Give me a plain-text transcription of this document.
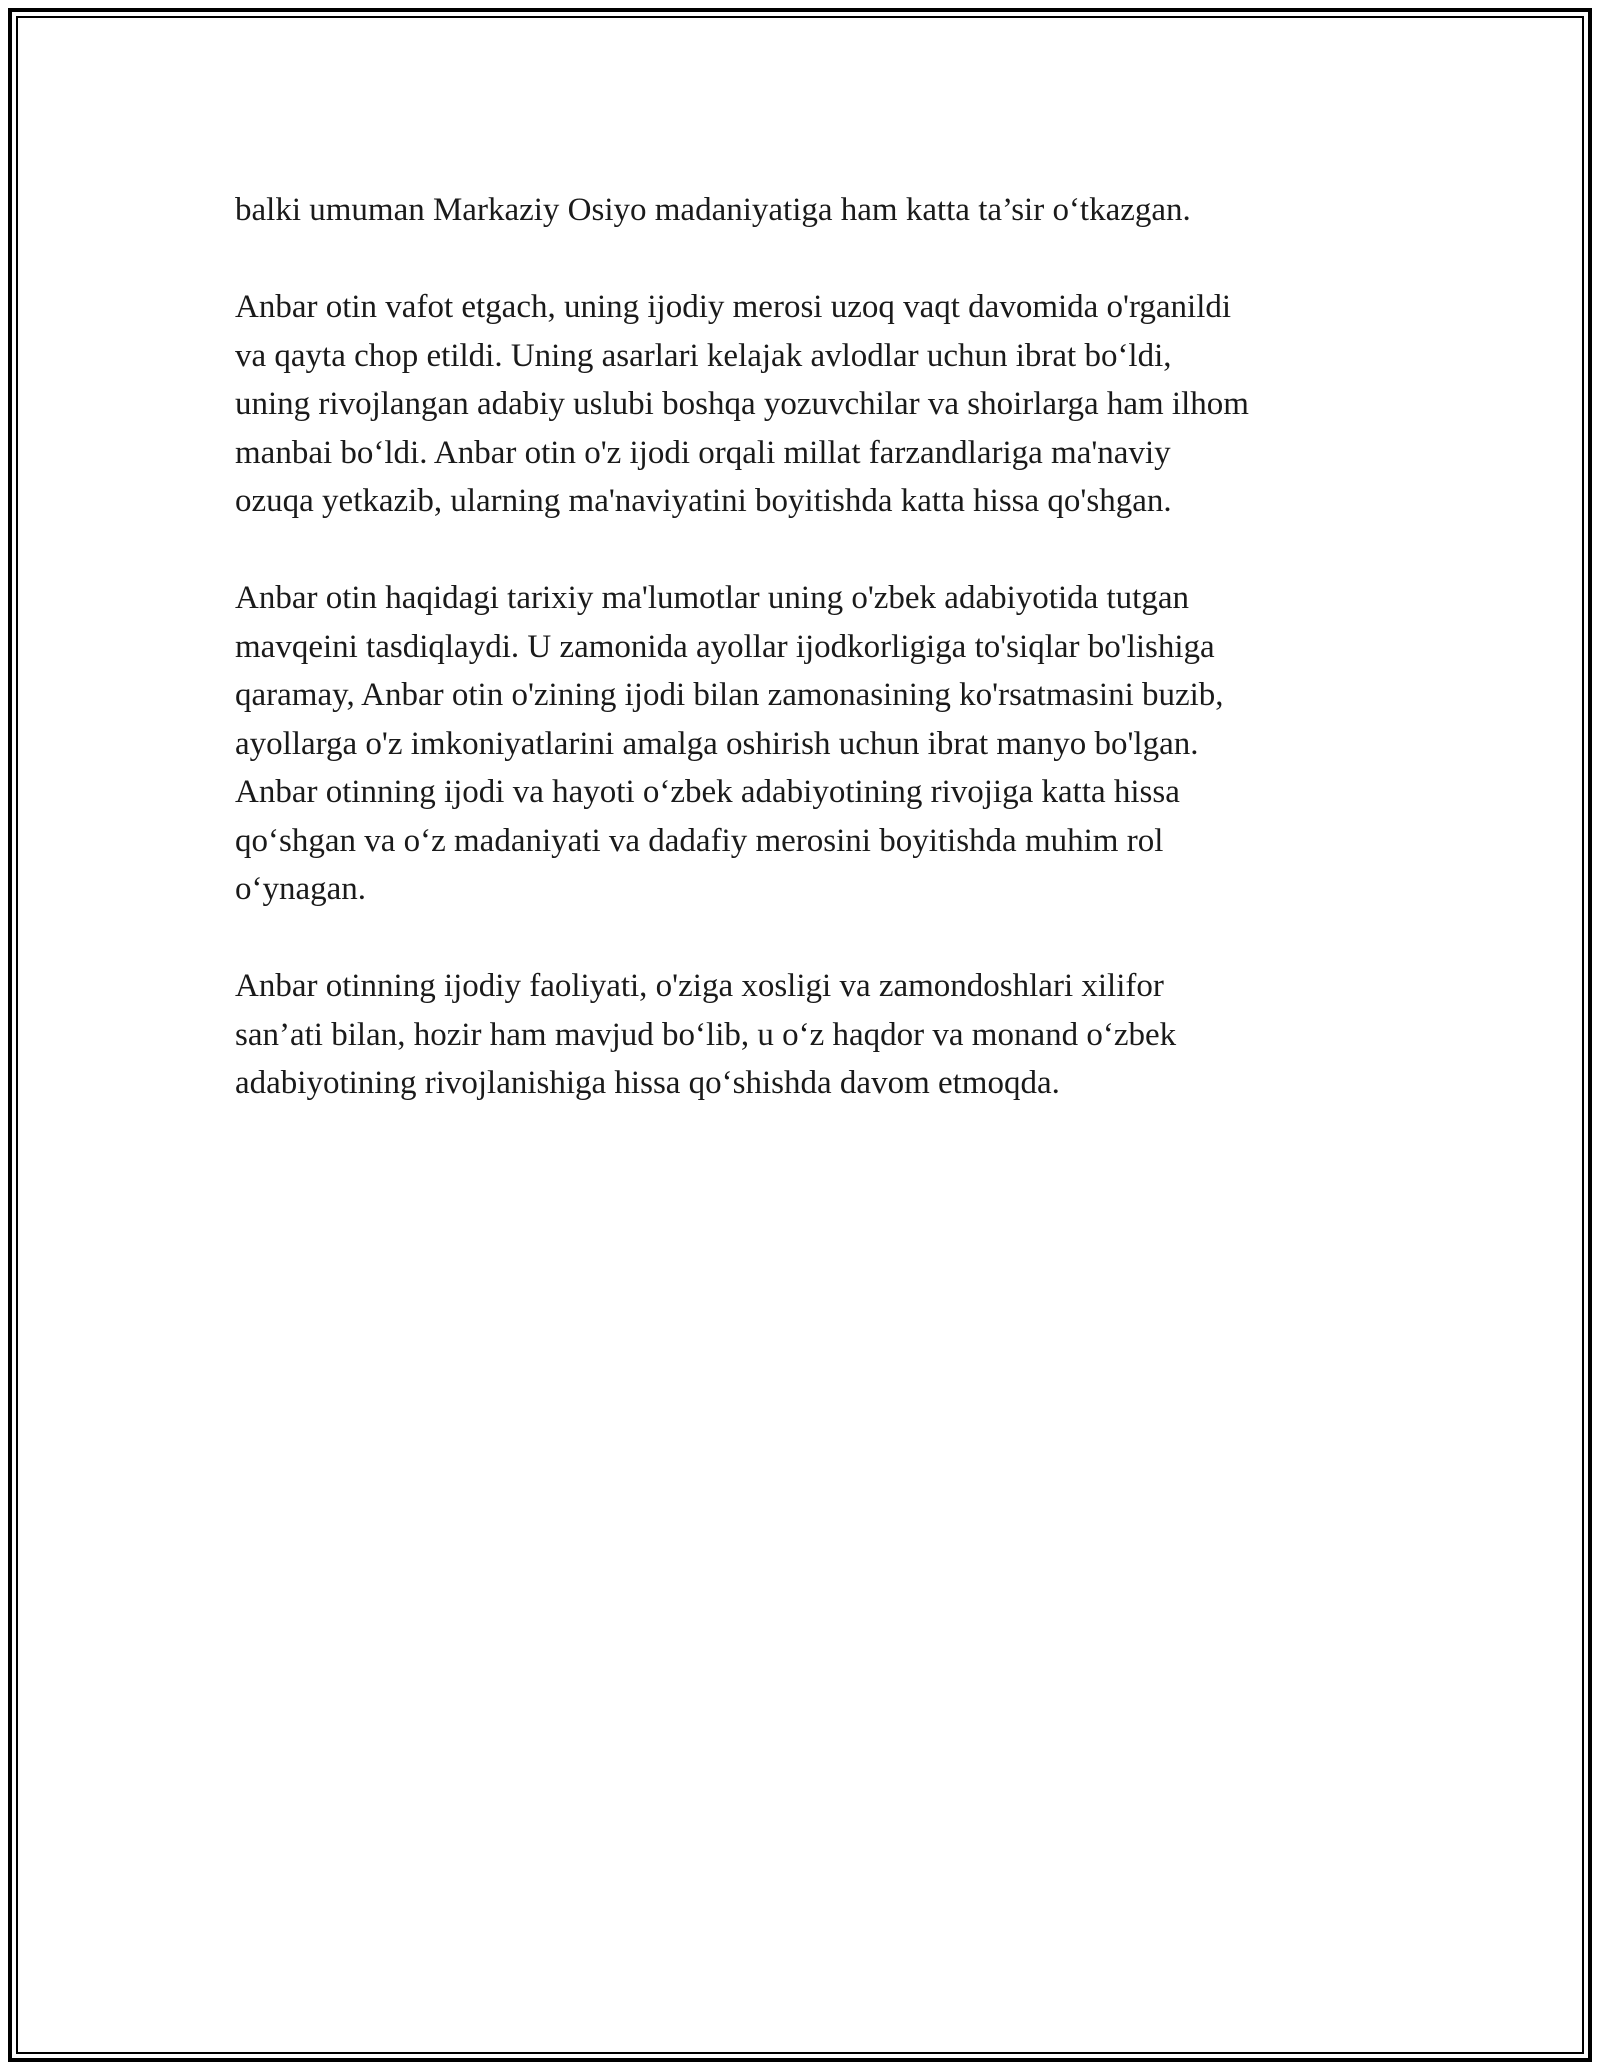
balki umuman Markaziy Osiyo madaniyatiga ham katta ta’sir o‘tkazgan.

Anbar otin vafot etgach, uning ijodiy merosi uzoq vaqt davomida o'rganildi
va qayta chop etildi. Uning asarlari kelajak avlodlar uchun ibrat bo‘ldi,
uning rivojlangan adabiy uslubi boshqa yozuvchilar va shoirlarga ham ilhom
manbai bo‘ldi. Anbar otin o'z ijodi orqali millat farzandlariga ma'naviy
ozuqa yetkazib, ularning ma'naviyatini boyitishda katta hissa qo'shgan.

Anbar otin haqidagi tarixiy ma'lumotlar uning o'zbek adabiyotida tutgan
mavqeini tasdiqlaydi. U zamonida ayollar ijodkorligiga to'siqlar bo'lishiga
qaramay, Anbar otin o'zining ijodi bilan zamonasining ko'rsatmasini buzib,
ayollarga o'z imkoniyatlarini amalga oshirish uchun ibrat manyo bo'lgan.
Anbar otinning ijodi va hayoti o‘zbek adabiyotining rivojiga katta hissa
qo‘shgan va o‘z madaniyati va dadafiy merosini boyitishda muhim rol
o‘ynagan.

Anbar otinning ijodiy faoliyati, o'ziga xosligi va zamondoshlari xilifor
san’ati bilan, hozir ham mavjud bo‘lib, u o‘z haqdor va monand o‘zbek
adabiyotining rivojlanishiga hissa qo‘shishda davom etmoqda.
